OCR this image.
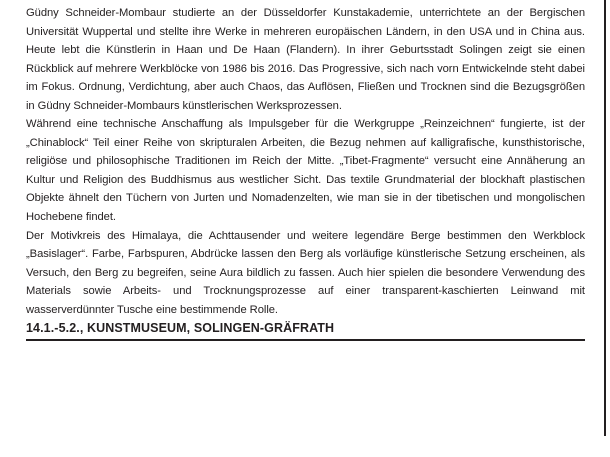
Güdny Schneider-Mombaur studierte an der Düsseldorfer Kunstakademie, unterrichtete an der Bergischen Universität Wuppertal und stellte ihre Werke in mehreren europäischen Ländern, in den USA und in China aus. Heute lebt die Künstlerin in Haan und De Haan (Flandern). In ihrer Geburtsstadt Solingen zeigt sie einen Rückblick auf mehrere Werkblöcke von 1986 bis 2016. Das Progressive, sich nach vorn Entwickelnde steht dabei im Fokus. Ordnung, Verdichtung, aber auch Chaos, das Auflösen, Fließen und Trocknen sind die Bezugsgrößen in Güdny Schneider-Mombaurs künstlerischen Werksprozessen.

Während eine technische Anschaffung als Impulsgeber für die Werkgruppe „Reinzeichnen“ fungierte, ist der „Chinablock“ Teil einer Reihe von skripturalen Arbeiten, die Bezug nehmen auf kalligrafische, kunsthistorische, religiöse und philosophische Traditionen im Reich der Mitte. „Tibet-Fragmente“ versucht eine Annäherung an Kultur und Religion des Buddhismus aus westlicher Sicht. Das textile Grundmaterial der blockhaft plastischen Objekte ähnelt den Tüchern von Jurten und Nomadenzelten, wie man sie in der tibetischen und mongolischen Hochebene findet.

Der Motivkreis des Himalaya, die Achttausender und weitere legendäre Berge bestimmen den Werkblock „Basislager“. Farbe, Farbspuren, Abdrücke lassen den Berg als vorläufige künstlerische Setzung erscheinen, als Versuch, den Berg zu begreifen, seine Aura bildlich zu fassen. Auch hier spielen die besondere Verwendung des Materials sowie Arbeits- und Trocknungsprozesse auf einer transparent-kaschierten Leinwand mit wasserverdünnter Tusche eine bestimmende Rolle.

14.1.-5.2., KUNSTMUSEUM, SOLINGEN-GRÄFRATH
